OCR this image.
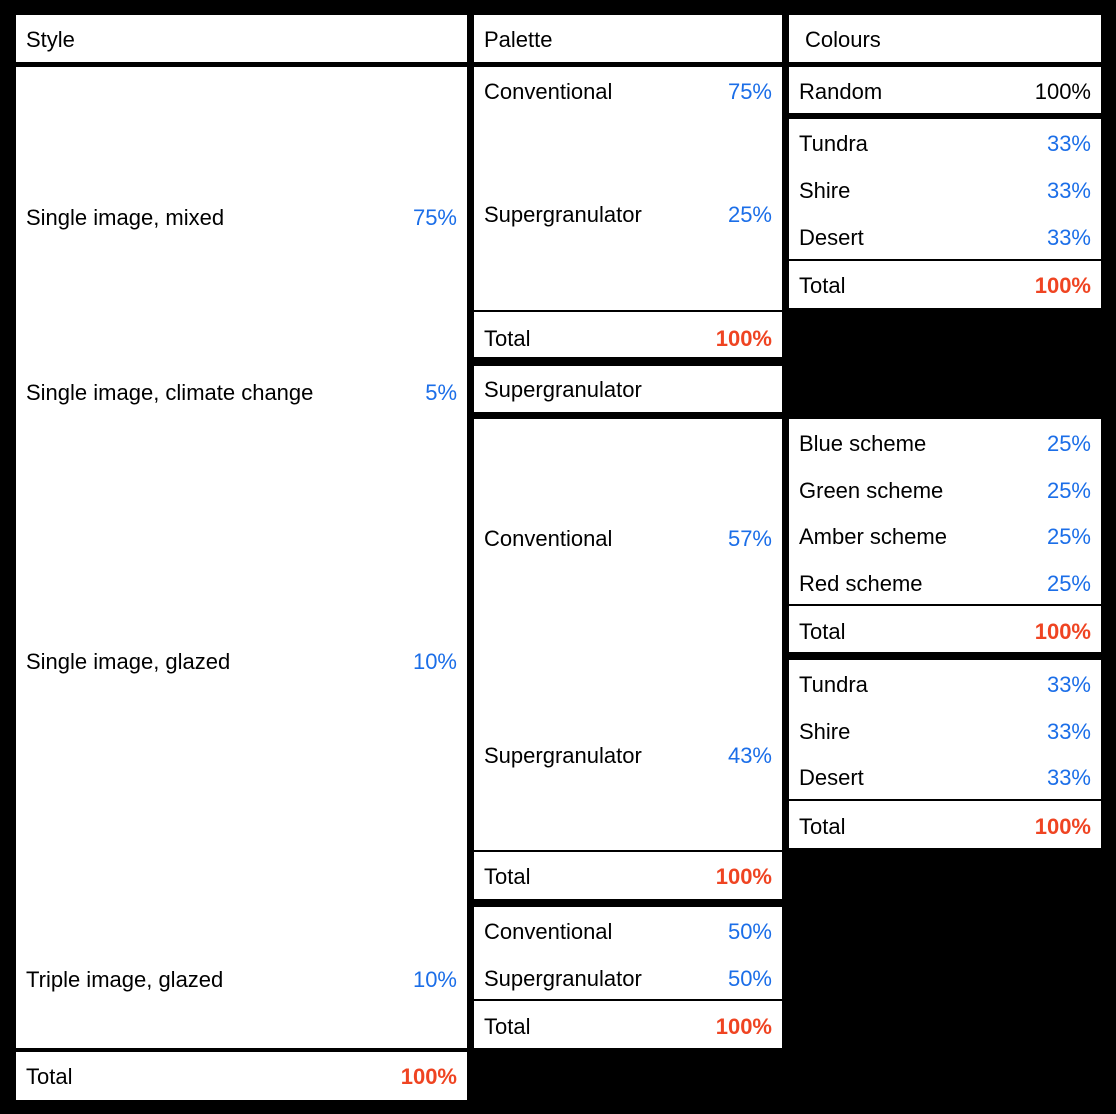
Style	Palette	Colours
Single image, mixed	75%
Single image, climate change	5%
Single image, glazed	10%
Triple image, glazed	10%
Total	100%
Conventional	75%
Supergranulator	25%
Total	100%
Supergranulator
Conventional	57%
Supergranulator	43%
Total	100%
Conventional	50%
Supergranulator	50%
Total	100%
Random	100%
Tundra	33%
Shire	33%
Desert	33%
Total	100%
Blue scheme	25%
Green scheme	25%
Amber scheme	25%
Red scheme	25%
Total	100%
Tundra	33%
Shire	33%
Desert	33%
Total	100%
